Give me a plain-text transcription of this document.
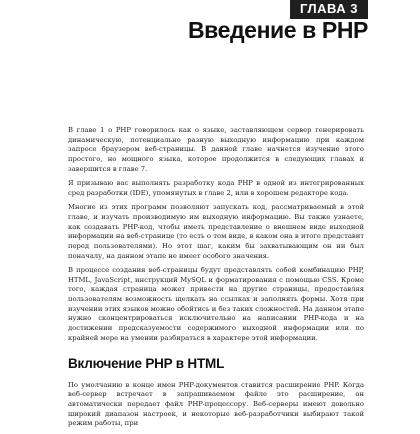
ГЛАВА 3
Введение в PHP

В главе 1 о PHP говорилось как о языке, заставляющем сервер генерировать динамическую, потенциально разную выходную информацию при каждом запросе браузером веб-страницы. В данной главе начнется изучение этого простого, но мощного языка, которое продолжится в следующих главах и завершится в главе 7.

Я призываю вас выполнять разработку кода PHP в одной из интегрированных сред разработки (IDE), упомянутых в главе 2, или в хорошем редакторе кода.

Многие из этих программ позволяют запускать код, рассматриваемый в этой главе, и изучать производимую им выходную информацию. Вы также узнаете, как создавать PHP-код, чтобы иметь представление о внешнем виде выходной информации на веб-странице (то есть о том виде, в каком она в итоге представит перед пользователями). Но этот шаг, каким бы захватывающим он ни был поначалу, на данном этапе не имеет особого значения.

В процессе создания веб-страницы будут представлять собой комбинацию PHP, HTML, JavaScript, инструкций MySQL и форматирования с помощью CSS. Кроме того, каждая страница может привести на другие страницы, предоставляя пользователям возможность щелкать на ссылках и заполнять формы. Хотя при изучении этих языков можно обойтись и без таких сложностей. На данном этапе нужно сконцентрироваться исключительно на написании PHP-кода и на достижении предсказуемости содержимого выходной информации или по крайней мере на умении разбираться в характере этой информации.

Включение PHP в HTML

По умолчанию в конце имен PHP-документов ставится расширение PHP. Когда веб-сервер встречает в запрашиваемом файле это расширение, он автоматически передает файл PHP-процессору. Веб-серверы имеют довольно широкий диапазон настроек, и некоторые веб-разработчики выбирают такой режим работы, при
